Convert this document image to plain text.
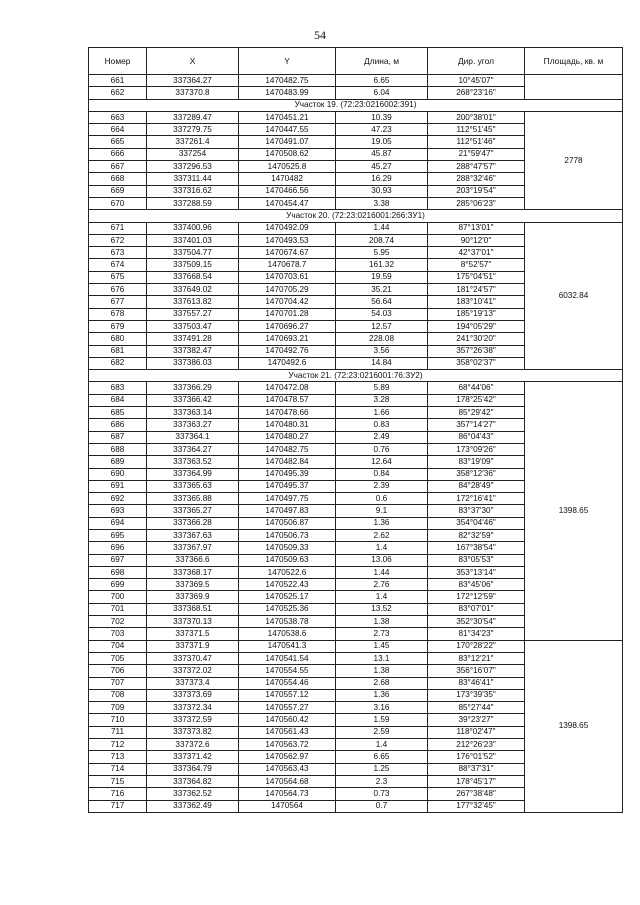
54
Номер	X	Y	Длина, м	Дир. угол	Площадь, кв. м
661	337364.27	1470482.75	6.65	10°45'07"	
662	337370.8	1470483.99	6.04	268°23'16"	
Участок 19. (72:23:0216002:391)					
663	337289.47	1470451.21	10.39	200°38'01"	2778
664	337279.75	1470447.55	47.23	112°51'45"	
665	337261.4	1470491.07	19.05	112°51'46"	
666	337254	1470508.62	45.87	21°59'47"	
667	337296.53	1470525.8	45.27	288°47'57"	
668	337311.44	1470482	16.29	288°32'46"	
669	337316.62	1470466.56	30.93	203°19'54"	
670	337288.59	1470454.47	3.38	285°06'23"	
Участок 20. (72:23:0216001:266:ЗУ1)					
671	337400.96	1470492.09	1.44	87°13'01"	6032.84
672	337401.03	1470493.53	208.74	90°12'0"	
673	337504.77	1470674.67	5.95	42°37'01"	
674	337509.15	1470678.7	161.32	8°52'57"	
675	337668.54	1470703.61	19.59	175°04'51"	
676	337649.02	1470705.29	35.21	181°24'57"	
677	337613.82	1470704.42	56.64	183°10'41"	
678	337557.27	1470701.28	54.03	185°19'13"	
679	337503.47	1470696.27	12.57	194°05'29"	
680	337491.28	1470693.21	228.08	241°30'20"	
681	337382.47	1470492.76	3.56	357°26'38"	
682	337386.03	1470492.6	14.84	358°02'37"	
Участок 21. (72:23:0216001:76:ЗУ2)					
683	337366.29	1470472.08	5.89	68°44'06"	1398.65
684	337366.42	1470478.57	3.28	178°25'42"	
685	337363.14	1470478.66	1.66	85°29'42"	
686	337363.27	1470480.31	0.83	357°14'27"	
687	337364.1	1470480.27	2.49	86°04'43"	
688	337364.27	1470482.75	0.76	173°09'26"	
689	337363.52	1470482.84	12.64	83°19'09"	
690	337364.99	1470495.39	0.84	358°12'36"	
691	337365.63	1470495.37	2.39	84°28'49"	
692	337365.88	1470497.75	0.6	172°16'41"	
693	337365.27	1470497.83	9.1	83°37'30"	
694	337366.28	1470506.87	1.36	354°04'46"	
695	337367.63	1470506.73	2.62	82°32'59"	
696	337367.97	1470509.33	1.4	167°38'54"	
697	337366.6	1470509.63	13.06	83°05'53"	
698	337368.17	1470522.6	1.44	353°13'14"	
699	337369.5	1470522.43	2.76	83°45'06"	
700	337369.9	1470525.17	1.4	172°12'59"	
701	337368.51	1470525.36	13.52	83°07'01"	
702	337370.13	1470538.78	1.38	352°30'54"	
703	337371.5	1470538.6	2.73	81°34'23"	
704	337371.9	1470541.3	1.45	170°28'22"	1398.65
705	337370.47	1470541.54	13.1	83°12'21"	
706	337372.02	1470554.55	1.38	356°16'07"	
707	337373.4	1470554.46	2.68	83°46'41"	
708	337373.69	1470557.12	1.36	173°39'35"	
709	337372.34	1470557.27	3.16	85°27'44"	
710	337372.59	1470560.42	1.59	39°23'27"	
711	337373.82	1470561.43	2.59	118°02'47"	
712	337372.6	1470563.72	1.4	212°26'23"	
713	337371.42	1470562.97	6.65	176°01'52"	
714	337364.79	1470563.43	1.25	88°37'31"	
715	337364.82	1470564.68	2.3	178°45'17"	
716	337362.52	1470564.73	0.73	267°38'48"	
717	337362.49	1470564	0.7	177°32'45"	
